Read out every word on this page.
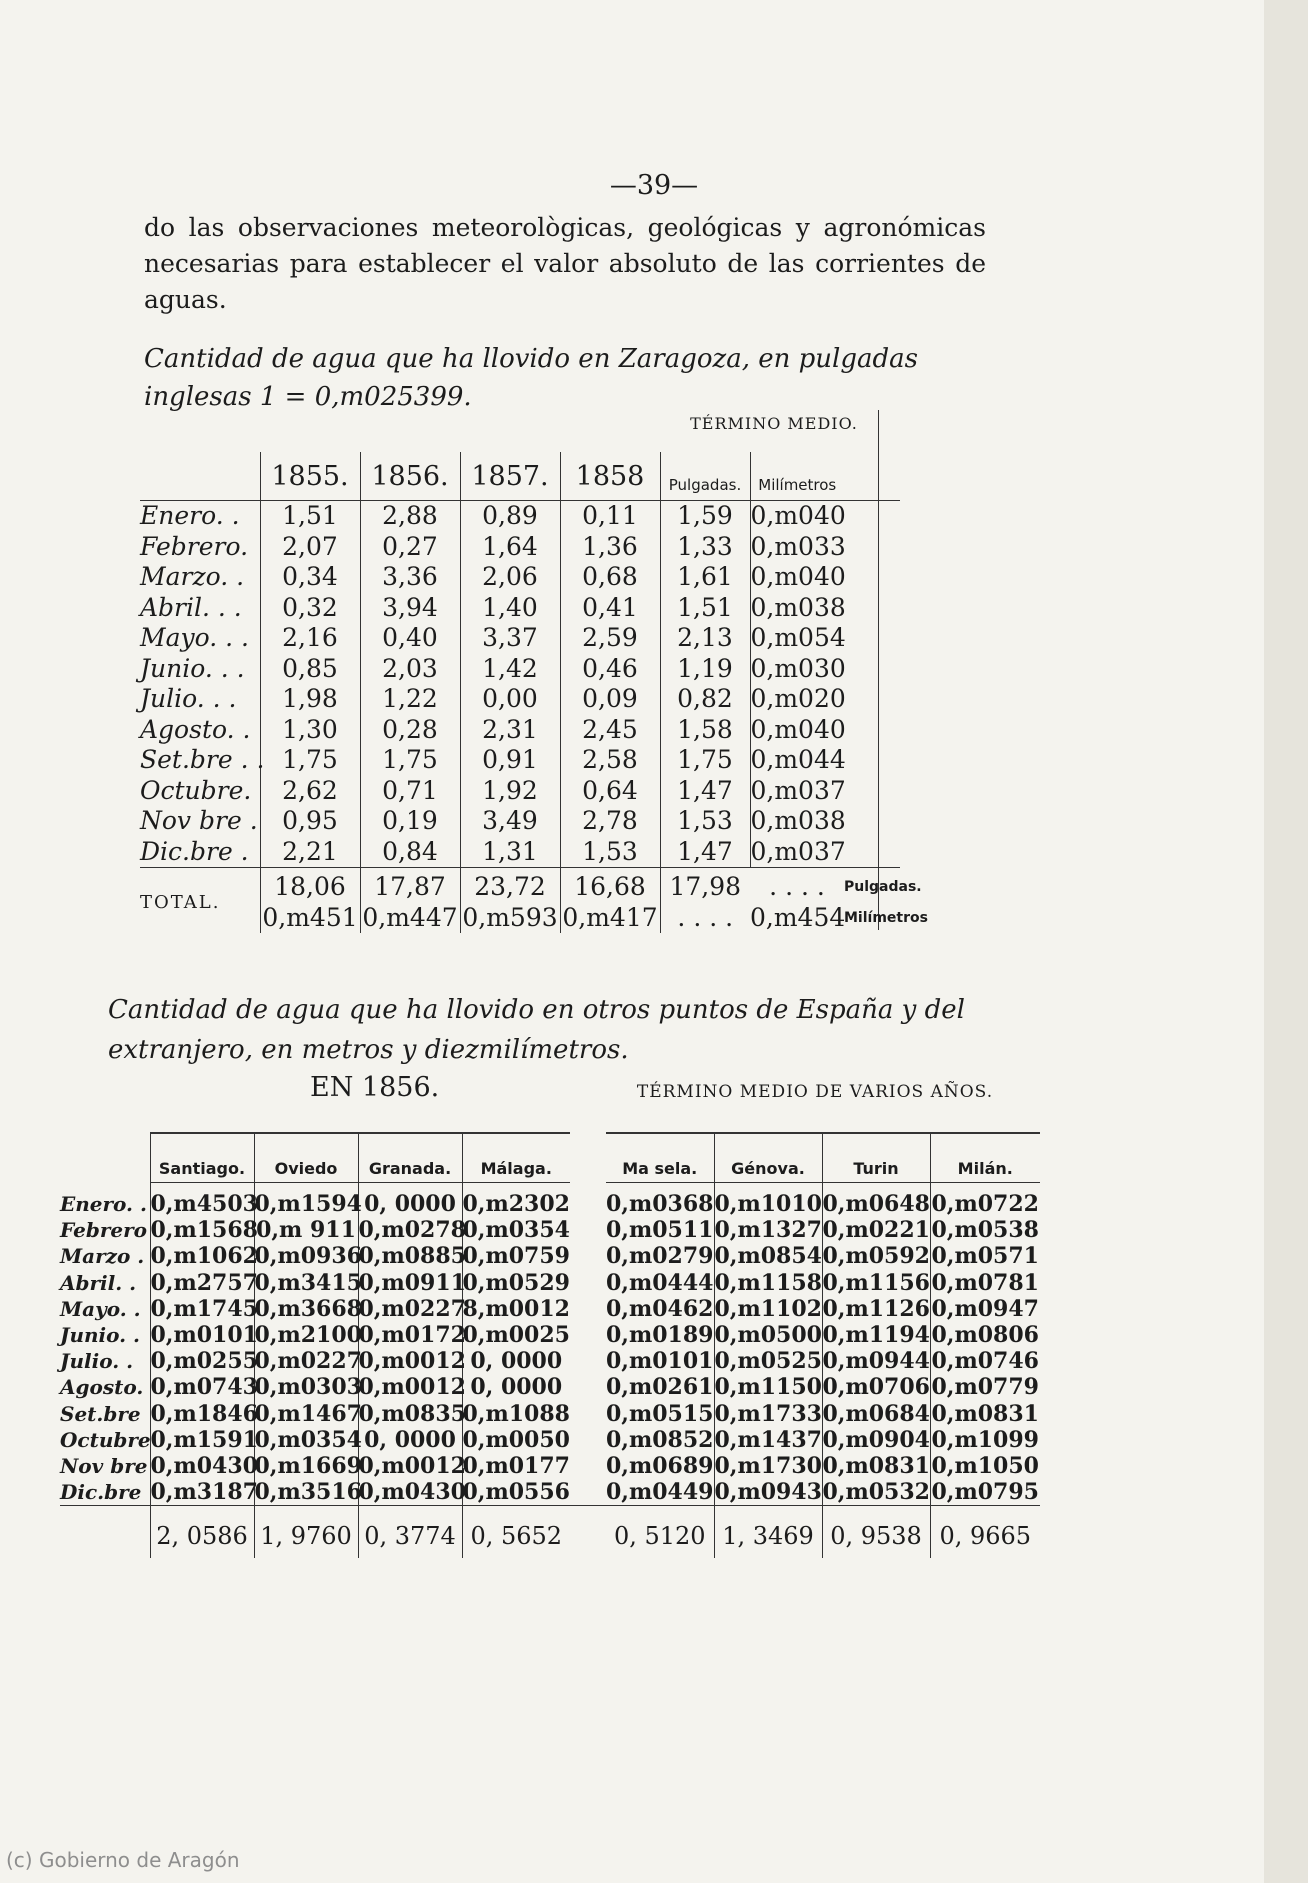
—39—
do las observaciones meteorològicas, geológicas y agronómicas necesarias para establecer el valor absoluto de las corrientes de aguas.
Cantidad de agua que ha llovido en Zaragoza, en pulgadas inglesas 1 = 0,m025399.
TÉRMINO MEDIO.
	1855.	1856.	1857.	1858	Pulgadas.	Milímetros	
Enero. .	1,51	2,88	0,89	0,11	1,59	0,m040	
Febrero.	2,07	0,27	1,64	1,36	1,33	0,m033	
Marzo. .	0,34	3,36	2,06	0,68	1,61	0,m040	
Abril. . .	0,32	3,94	1,40	0,41	1,51	0,m038	
Mayo. . .	2,16	0,40	3,37	2,59	2,13	0,m054	
Junio. . .	0,85	2,03	1,42	0,46	1,19	0,m030	
Julio. . .	1,98	1,22	0,00	0,09	0,82	0,m020	
Agosto. .	1,30	0,28	2,31	2,45	1,58	0,m040	
Set.bre . .	1,75	1,75	0,91	2,58	1,75	0,m044	
Octubre.	2,62	0,71	1,92	0,64	1,47	0,m037	
Nov bre .	0,95	0,19	3,49	2,78	1,53	0,m038	
Dic.bre .	2,21	0,84	1,31	1,53	1,47	0,m037	
TOTAL.	18,06	17,87	23,72	16,68	17,98	. . . .	Pulgadas.
	0,m451	0,m447	0,m593	0,m417	. . . .	0,m454	Milímetros
Cantidad de agua que ha llovido en otros puntos de España y del extranjero, en metros y diezmilímetros.
EN 1856.	TÉRMINO MEDIO DE VARIOS AÑOS.
	Santiago.	Oviedo	Granada.	Málaga.		Ma sela.	Génova.	Turin	Milán.
Enero. .	0,m4503	0,m1594	0, 0000	0,m2302		0,m0368	0,m1010	0,m0648	0,m0722
Febrero	0,m1568	0,m 911	0,m0278	0,m0354		0,m0511	0,m1327	0,m0221	0,m0538
Marzo .	0,m1062	0,m0936	0,m0885	0,m0759		0,m0279	0,m0854	0,m0592	0,m0571
Abril. .	0,m2757	0,m3415	0,m0911	0,m0529		0,m0444	0,m1158	0,m1156	0,m0781
Mayo. .	0,m1745	0,m3668	0,m0227	8,m0012		0,m0462	0,m1102	0,m1126	0,m0947
Junio. .	0,m0101	0,m2100	0,m0172	0,m0025		0,m0189	0,m0500	0,m1194	0,m0806
Julio. .	0,m0255	0,m0227	0,m0012	0, 0000		0,m0101	0,m0525	0,m0944	0,m0746
Agosto.	0,m0743	0,m0303	0,m0012	0, 0000		0,m0261	0,m1150	0,m0706	0,m0779
Set.bre	0,m1846	0,m1467	0,m0835	0,m1088		0,m0515	0,m1733	0,m0684	0,m0831
Octubre	0,m1591	0,m0354	0, 0000	0,m0050		0,m0852	0,m1437	0,m0904	0,m1099
Nov bre	0,m0430	0,m1669	0,m0012	0,m0177		0,m0689	0,m1730	0,m0831	0,m1050
Dic.bre	0,m3187	0,m3516	0,m0430	0,m0556		0,m0449	0,m0943	0,m0532	0,m0795
	2, 0586	1, 9760	0, 3774	0, 5652		0, 5120	1, 3469	0, 9538	0, 9665
(c) Gobierno de Aragón
